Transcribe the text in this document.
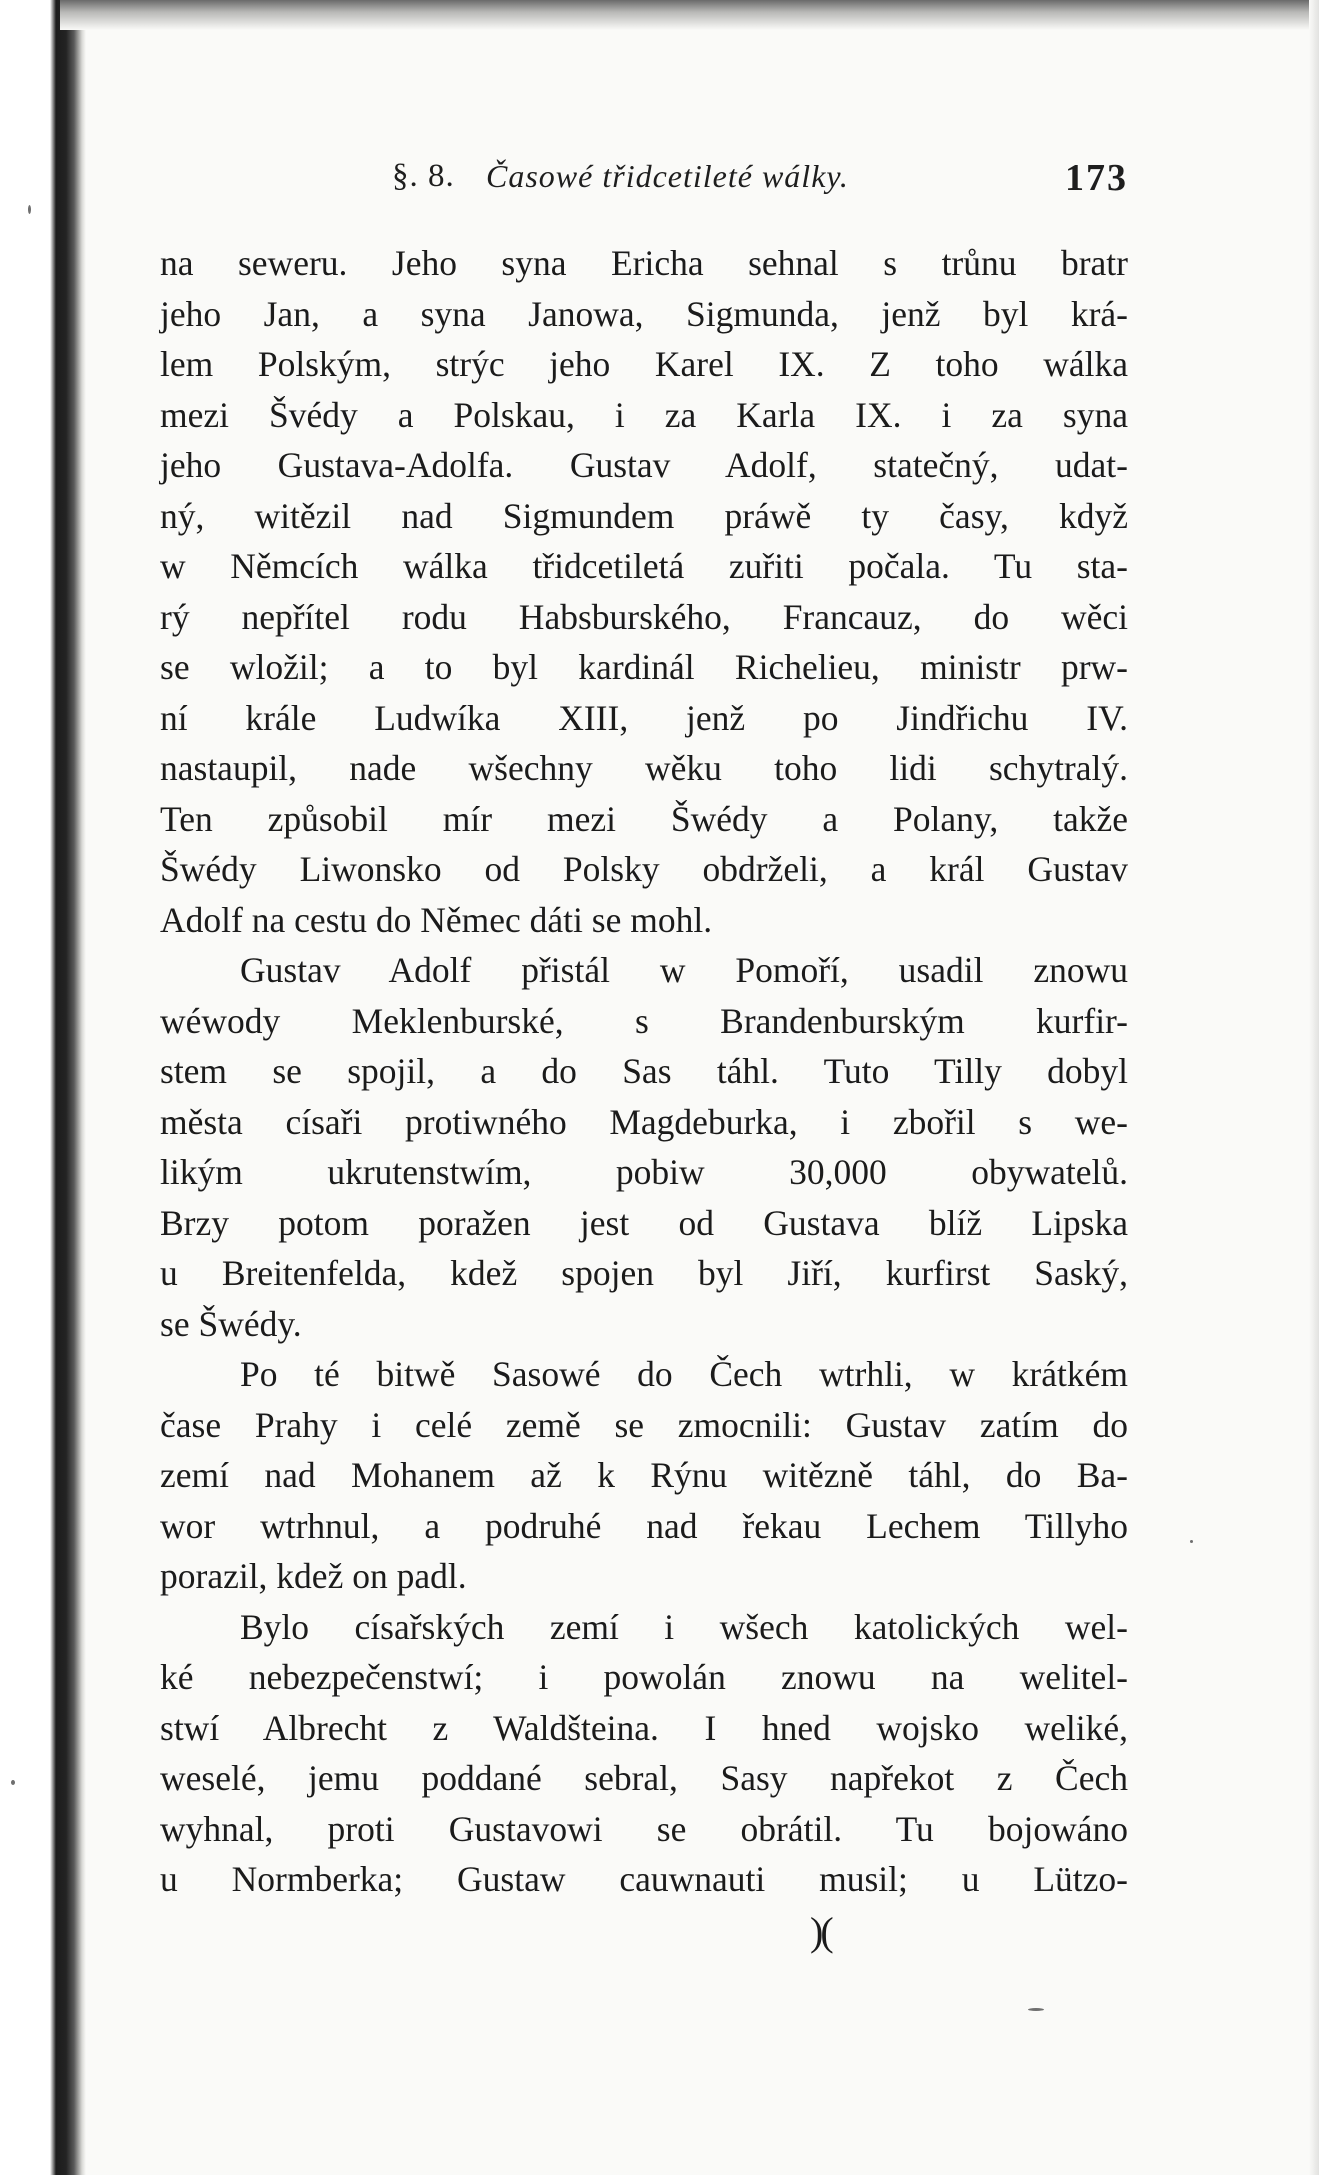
§. 8. Časowé třidcetileté wálky.	173
na seweru. Jeho syna Ericha sehnal s trůnu bratr
jeho Jan, a syna Janowa, Sigmunda, jenž byl krá-
lem Polským, strýc jeho Karel IX. Z toho wálka
mezi Švédy a Polskau, i za Karla IX. i za syna
jeho Gustava-Adolfa. Gustav Adolf, statečný, udat-
ný, witězil nad Sigmundem práwě ty časy, když
w Němcích wálka třidcetiletá zuřiti počala. Tu sta-
rý nepřítel rodu Habsburského, Francauz, do wěci
se wložil; a to byl kardinál Richelieu, ministr prw-
ní krále Ludwíka XIII, jenž po Jindřichu IV.
nastaupil, nade wšechny wěku toho lidi schytralý.
Ten způsobil mír mezi Šwédy a Polany, takže
Šwédy Liwonsko od Polsky obdrželi, a král Gustav
Adolf na cestu do Němec dáti se mohl.
Gustav Adolf přistál w Pomoří, usadil znowu
wéwody Meklenburské, s Brandenburským kurfir-
stem se spojil, a do Sas táhl. Tuto Tilly dobyl
města císaři protiwného Magdeburka, i zbořil s we-
likým ukrutenstwím, pobiw 30,000 obywatelů.
Brzy potom poražen jest od Gustava blíž Lipska
u Breitenfelda, kdež spojen byl Jiří, kurfirst Saský,
se Šwédy.
Po té bitwě Sasowé do Čech wtrhli, w krátkém
čase Prahy i celé země se zmocnili: Gustav zatím do
zemí nad Mohanem až k Rýnu witězně táhl, do Ba-
wor wtrhnul, a podruhé nad řekau Lechem Tillyho
porazil, kdež on padl.
Bylo císařských zemí i wšech katolických wel-
ké nebezpečenstwí; i powolán znowu na welitel-
stwí Albrecht z Waldšteina. I hned wojsko weliké,
weselé, jemu poddané sebral, Sasy napřekot z Čech
wyhnal, proti Gustavowi se obrátil. Tu bojowáno
u Normberka; Gustaw cauwnauti musil; u Lützo-
)(
